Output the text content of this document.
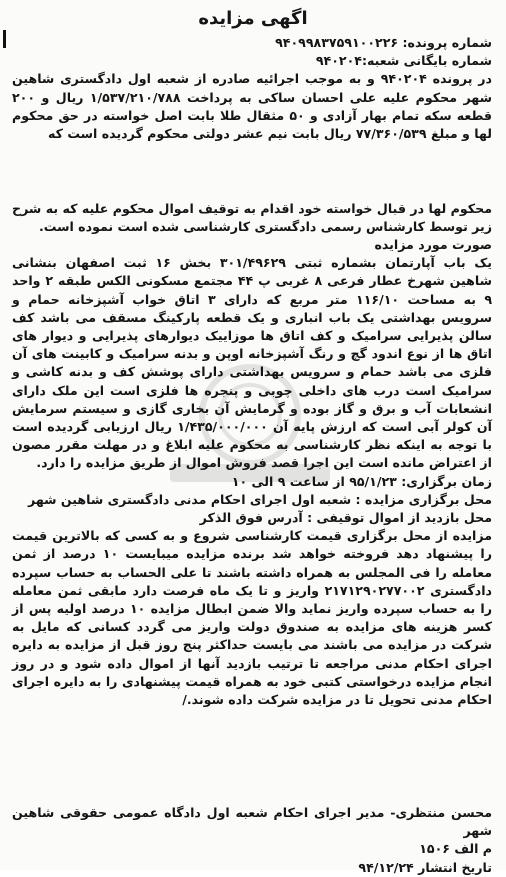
اگهی مزایده

شماره پرونده: ۹۴۰۹۹۸۳۷۵۹۱۰۰۲۲۶

شماره بایگانی شعبه:۹۴۰۲۰۴

در پرونده ۹۴۰۲۰۴ و به موجب اجرائیه صادره از شعبه اول دادگستری شاهین شهر محکوم علیه علی احسان ساکی به پرداخت ۱/۵۳۷/۲۱۰/۷۸۸ ریال و ۲۰۰ قطعه سکه تمام بهار آزادی و ۵۰ مثقال طلا بابت اصل خواسته در حق محکوم لها و مبلغ ۷۷/۳۶۰/۵۳۹ ریال بابت نیم عشر دولتی محکوم گردیده است که

محکوم لها در قبال خواسته خود اقدام به توقیف اموال محکوم علیه که به شرح زیر توسط کارشناس رسمی دادگستری کارشناسی شده است نموده است.

صورت مورد مزایده

یک باب آپارتمان بشماره ثبتی ۳۰۱/۴۹۶۲۹ بخش ۱۶ ثبت اصفهان بنشانی شاهین شهرخ عطار فرعی ۸ غربی پ ۴۴ مجتمع مسکونی الکس طبقه ۲ واحد ۹ به مساحت ۱۱۶/۱۰ متر مربع که دارای ۳ اتاق خواب آشپزخانه حمام و سرویس بهداشتی یک باب انباری و یک قطعه پارکینگ مسقف می باشد کف سالن پذیرایی سرامیک و کف اتاق ها موزاییک دیوارهای پذیرایی و دیوار های اتاق ها از نوع اندود گچ و رنگ آشپزخانه اوپن و بدنه سرامیک و کابینت های آن فلزی می باشد حمام و سرویس بهداشتی دارای پوشش کف و بدنه کاشی و سرامیک است درب های داخلی چوبی و پنجره ها فلزی است این ملک دارای انشعابات آب و برق و گاز بوده و گرمایش آن بخاری گازی و سیستم سرمایش آن کولر آبی است که ارزش پایه آن ۱/۴۳۵/۰۰۰/۰۰۰ ریال ارزیابی گردیده است با توجه به اینکه نظر کارشناسی به محکوم علیه ابلاغ و در مهلت مقرر مصون از اعتراض مانده است این اجرا قصد فروش اموال از طریق مزایده را دارد.

زمان برگزاری: ۹۵/۱/۲۳ از ساعت ۹ الی ۱۰

محل برگزاری مزایده : شعبه اول اجرای احکام مدنی دادگستری شاهین شهر

محل بازدید از اموال توقیفی : آدرس فوق الذکر

مزایده از محل برگزاری قیمت کارشناسی شروع و به کسی که بالاترین قیمت را پیشنهاد دهد فروخته خواهد شد برنده مزایده میبایست ۱۰ درصد از ثمن معامله را فی المجلس به همراه داشته باشند تا علی الحساب به حساب سپرده دادگستری ۲۱۷۱۲۹۰۲۷۷۰۰۲ واریز و تا یک ماه فرصت دارد مابقی ثمن معامله را به حساب سپرده واریز نماید والا ضمن ابطال مزایده ۱۰ درصد اولیه پس از کسر هزینه های مزایده به صندوق دولت واریز می گردد کسانی که مایل به شرکت در مزایده می باشند می بایست حداکثر پنج روز قبل از مزایده به دایره اجرای احکام مدنی مراجعه تا ترتیب بازدید آنها از اموال داده شود و در روز انجام مزایده درخواستی کتبی خود به همراه قیمت پیشنهادی را به دایره اجرای احکام مدنی تحویل تا در مزایده شرکت داده شوند./

محسن منتظری- مدیر اجرای احکام شعبه اول دادگاه عمومی حقوقی شاهین شهر

م الف ۱۵۰۶

تاریخ انتشار ۹۴/۱۲/۲۴
